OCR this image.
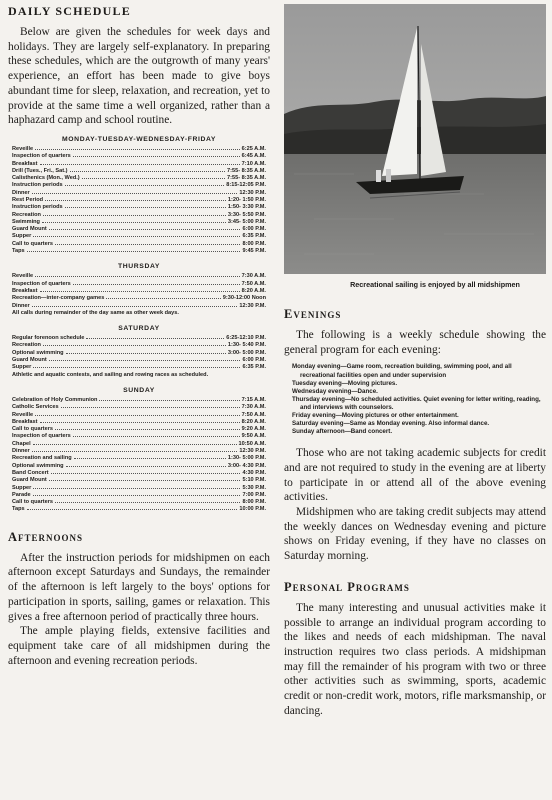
DAILY SCHEDULE

Below are given the schedules for week days and holidays. They are largely self-explanatory. In preparing these schedules, which are the outgrowth of many years' experience, an effort has been made to give boys abundant time for sleep, relaxation, and recreation, yet to provide at the same time a well organized, rather than a haphazard camp and school routine.

MONDAY-TUESDAY-WEDNESDAY-FRIDAY
Reveille	6:25 A.M.
Inspection of quarters	6:45 A.M.
Breakfast	7:10 A.M.
Drill (Tues., Fri., Sat.)	7:55- 8:35 A.M.
Calisthenics (Mon., Wed.)	7:55- 8:35 A.M.
Instruction periods	8:15-12:05 P.M.
Dinner	12:30 P.M.
Rest Period	1:20- 1:50 P.M.
Instruction periods	1:50- 3:30 P.M.
Recreation	3:30- 5:50 P.M.
Swimming	3:45- 5:00 P.M.
Guard Mount	6:00 P.M.
Supper	6:35 P.M.
Call to quarters	8:00 P.M.
Taps	9:45 P.M.
THURSDAY
Reveille	7:30 A.M.
Inspection of quarters	7:50 A.M.
Breakfast	8:20 A.M.
Recreation—inter-company games	9:30-12:00 Noon
Dinner	12:30 P.M.
All calls during remainder of the day same as other week days.
SATURDAY
Regular forenoon schedule	6:25-12:10 P.M.
Recreation	1:30- 5:40 P.M.
Optional swimming	3:00- 5:00 P.M.
Guard Mount	6:00 P.M.
Supper	6:35 P.M.
Athletic and aquatic contests, and sailing and rowing races as scheduled.
SUNDAY
Celebration of Holy Communion	7:15 A.M.
Catholic Services	7:30 A.M.
Reveille	7:50 A.M.
Breakfast	8:20 A.M.
Call to quarters	9:20 A.M.
Inspection of quarters	9:50 A.M.
Chapel	10:50 A.M.
Dinner	12:30 P.M.
Recreation and sailing	1:30- 5:00 P.M.
Optional swimming	3:00- 4:30 P.M.
Band Concert	4:30 P.M.
Guard Mount	5:10 P.M.
Supper	5:30 P.M.
Parade	7:00 P.M.
Call to quarters	8:00 P.M.
Taps	10:00 P.M.
Afternoons

After the instruction periods for midshipmen on each afternoon except Saturdays and Sundays, the remainder of the afternoon is left largely to the boys' options for participation in sports, sailing, games or relaxation. This gives a free afternoon period of practically three hours.

The ample playing fields, extensive facilities and equipment take care of all midshipmen during the afternoon and evening recreation periods.

Recreational sailing is enjoyed by all midshipmen
Evenings

The following is a weekly schedule showing the general program for each evening:

Monday evening—Game room, recreation building, swimming pool, and all recreational facilities open and under supervision
Tuesday evening—Moving pictures.
Wednesday evening—Dance.
Thursday evening—No scheduled activities. Quiet evening for letter writing, reading, and interviews with counselors.
Friday evening—Moving pictures or other entertainment.
Saturday evening—Same as Monday evening. Also informal dance.
Sunday afternoon—Band concert.

Those who are not taking academic subjects for credit and are not required to study in the evening are at liberty to participate in or attend all of the above evening activities.

Midshipmen who are taking credit subjects may attend the weekly dances on Wednesday evening and picture shows on Friday evening, if they have no classes on Saturday morning.

Personal Programs

The many interesting and unusual activities make it possible to arrange an individual program according to the likes and needs of each midshipman. The naval instruction requires two class periods. A midshipman may fill the remainder of his program with two or three other activities such as swimming, sports, academic credit or non-credit work, motors, rifle marksmanship, or dancing.
